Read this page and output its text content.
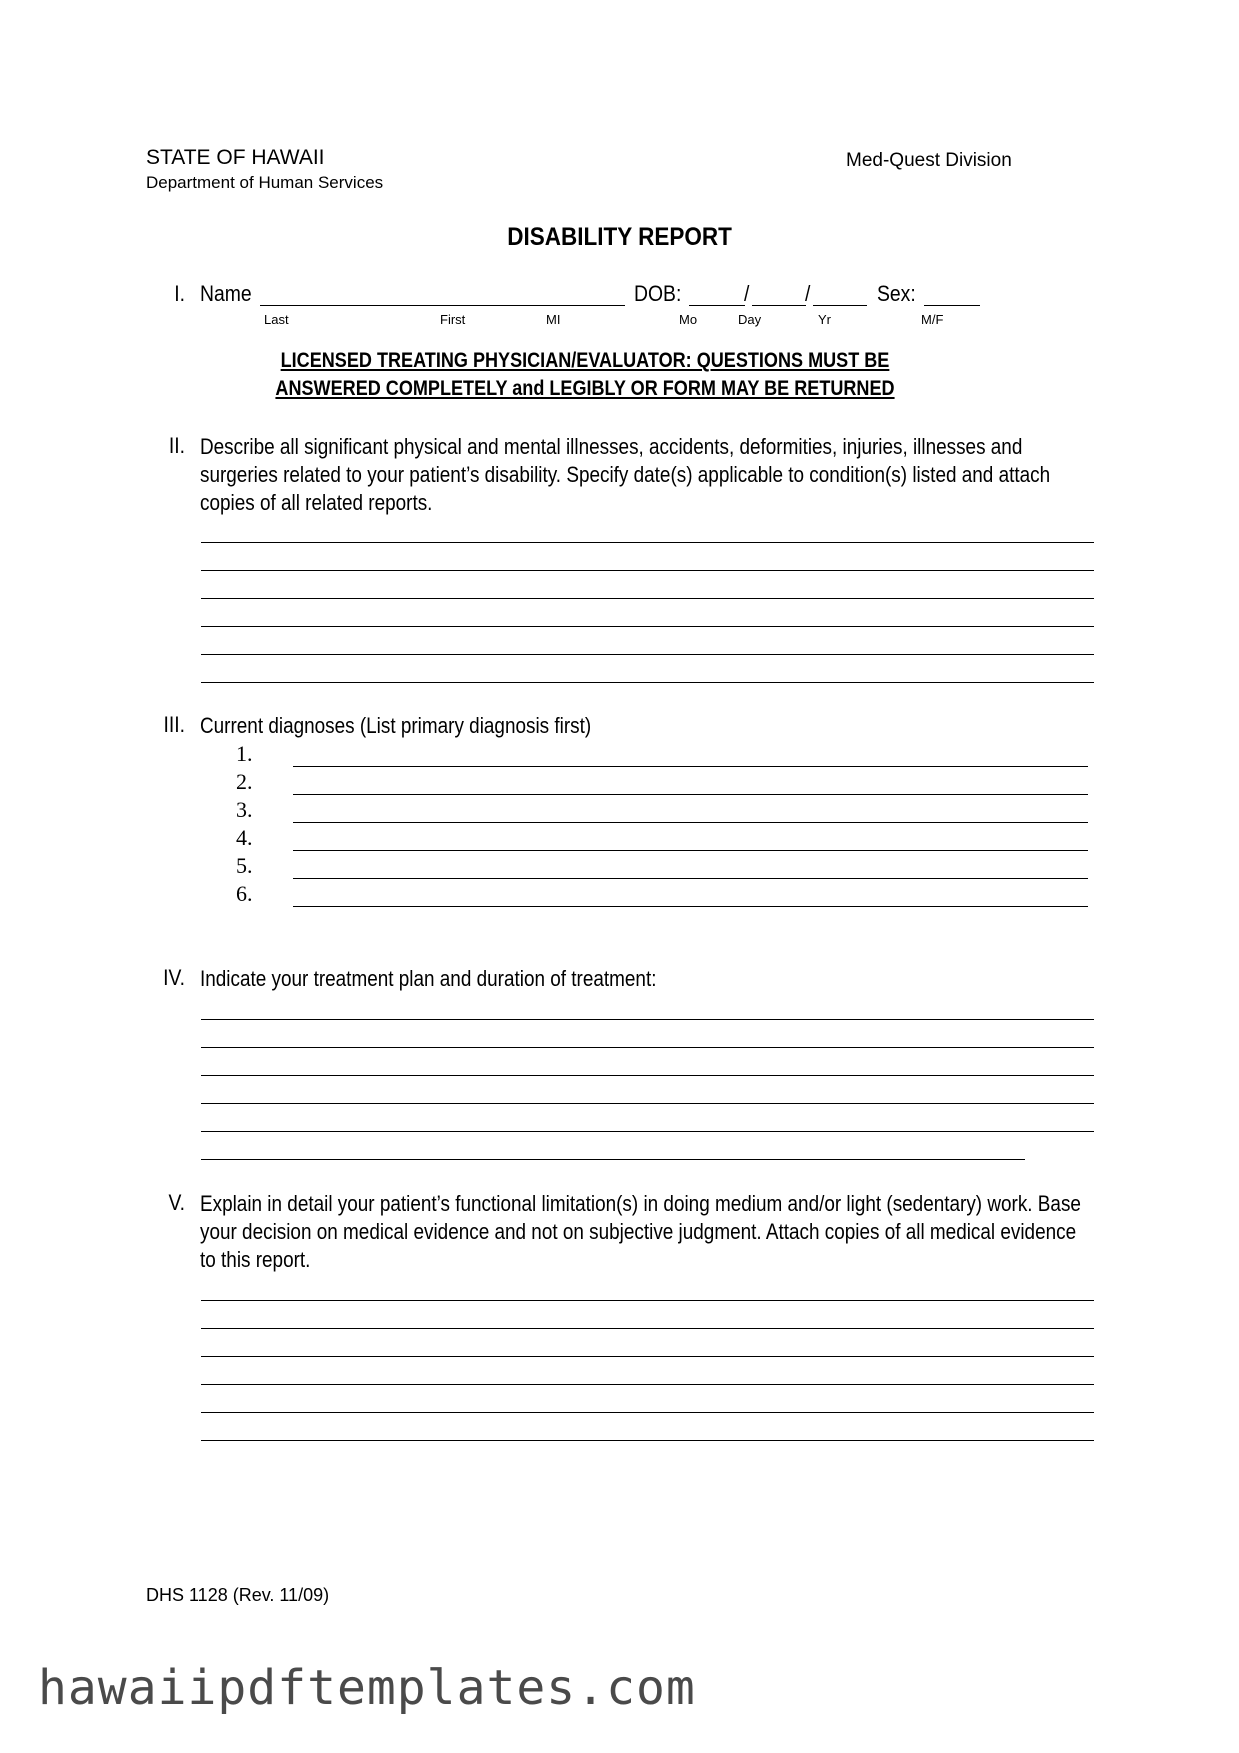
STATE OF HAWAII
Department of Human Services
Med-Quest Division
DISABILITY REPORT
I. Name	DOB:	/	/	Sex:
Last	First	MI	Mo	Day	Yr	M/F
LICENSED TREATING PHYSICIAN/EVALUATOR: QUESTIONS MUST BE
ANSWERED COMPLETELY and LEGIBLY OR FORM MAY BE RETURNED
II. Describe all significant physical and mental illnesses, accidents, deformities, injuries, illnesses and surgeries related to your patient’s disability. Specify date(s) applicable to condition(s) listed and attach copies of all related reports.
III. Current diagnoses (List primary diagnosis first)
1.
2.
3.
4.
5.
6.
IV. Indicate your treatment plan and duration of treatment:
V. Explain in detail your patient’s functional limitation(s) in doing medium and/or light (sedentary) work. Base your decision on medical evidence and not on subjective judgment. Attach copies of all medical evidence to this report.
DHS 1128 (Rev. 11/09)
hawaiipdftemplates.com
